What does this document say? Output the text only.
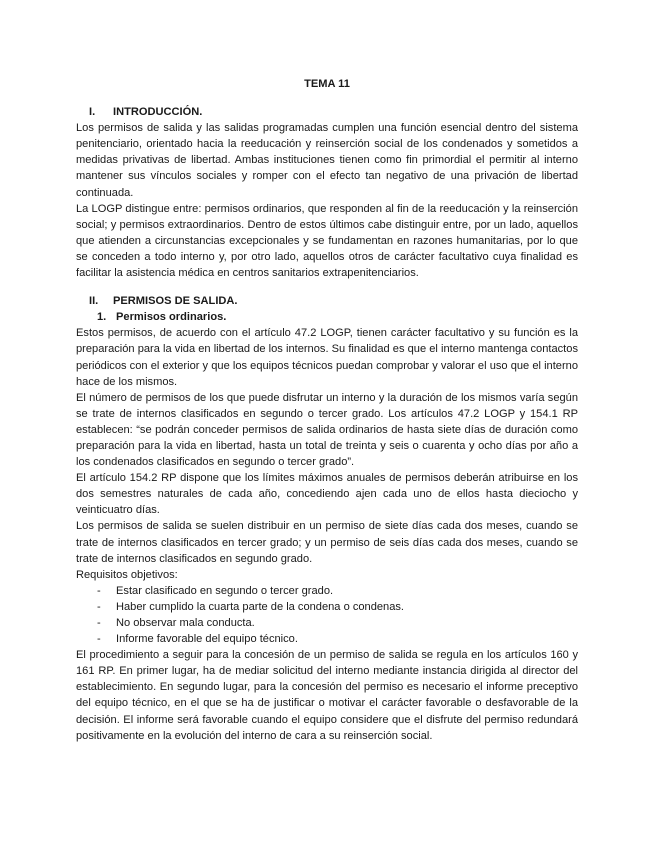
TEMA 11
I. INTRODUCCIÓN.

Los permisos de salida y las salidas programadas cumplen una función esencial dentro del sistema penitenciario, orientado hacia la reeducación y reinserción social de los condenados y sometidos a medidas privativas de libertad. Ambas instituciones tienen como fin primordial el permitir al interno mantener sus vínculos sociales y romper con el efecto tan negativo de una privación de libertad continuada.

La LOGP distingue entre: permisos ordinarios, que responden al fin de la reeducación y la reinserción social; y permisos extraordinarios. Dentro de estos últimos cabe distinguir entre, por un lado, aquellos que atienden a circunstancias excepcionales y se fundamentan en razones humanitarias, por lo que se conceden a todo interno y, por otro lado, aquellos otros de carácter facultativo cuya finalidad es facilitar la asistencia médica en centros sanitarios extrapenitenciarios.

II. PERMISOS DE SALIDA.
1. Permisos ordinarios.

Estos permisos, de acuerdo con el artículo 47.2 LOGP, tienen carácter facultativo y su función es la preparación para la vida en libertad de los internos. Su finalidad es que el interno mantenga contactos periódicos con el exterior y que los equipos técnicos puedan comprobar y valorar el uso que el interno hace de los mismos.

El número de permisos de los que puede disfrutar un interno y la duración de los mismos varía según se trate de internos clasificados en segundo o tercer grado. Los artículos 47.2 LOGP y 154.1 RP establecen: “se podrán conceder permisos de salida ordinarios de hasta siete días de duración como preparación para la vida en libertad, hasta un total de treinta y seis o cuarenta y ocho días por año a los condenados clasificados en segundo o tercer grado”.

El artículo 154.2 RP dispone que los límites máximos anuales de permisos deberán atribuirse en los dos semestres naturales de cada año, concediendo ajen cada uno de ellos hasta dieciocho y veinticuatro días.

Los permisos de salida se suelen distribuir en un permiso de siete días cada dos meses, cuando se trate de internos clasificados en tercer grado; y un permiso de seis días cada dos meses, cuando se trate de internos clasificados en segundo grado.

Requisitos objetivos:

- Estar clasificado en segundo o tercer grado.
- Haber cumplido la cuarta parte de la condena o condenas.
- No observar mala conducta.
- Informe favorable del equipo técnico.

El procedimiento a seguir para la concesión de un permiso de salida se regula en los artículos 160 y 161 RP. En primer lugar, ha de mediar solicitud del interno mediante instancia dirigida al director del establecimiento. En segundo lugar, para la concesión del permiso es necesario el informe preceptivo del equipo técnico, en el que se ha de justificar o motivar el carácter favorable o desfavorable de la decisión. El informe será favorable cuando el equipo considere que el disfrute del permiso redundará positivamente en la evolución del interno de cara a su reinserción social.
